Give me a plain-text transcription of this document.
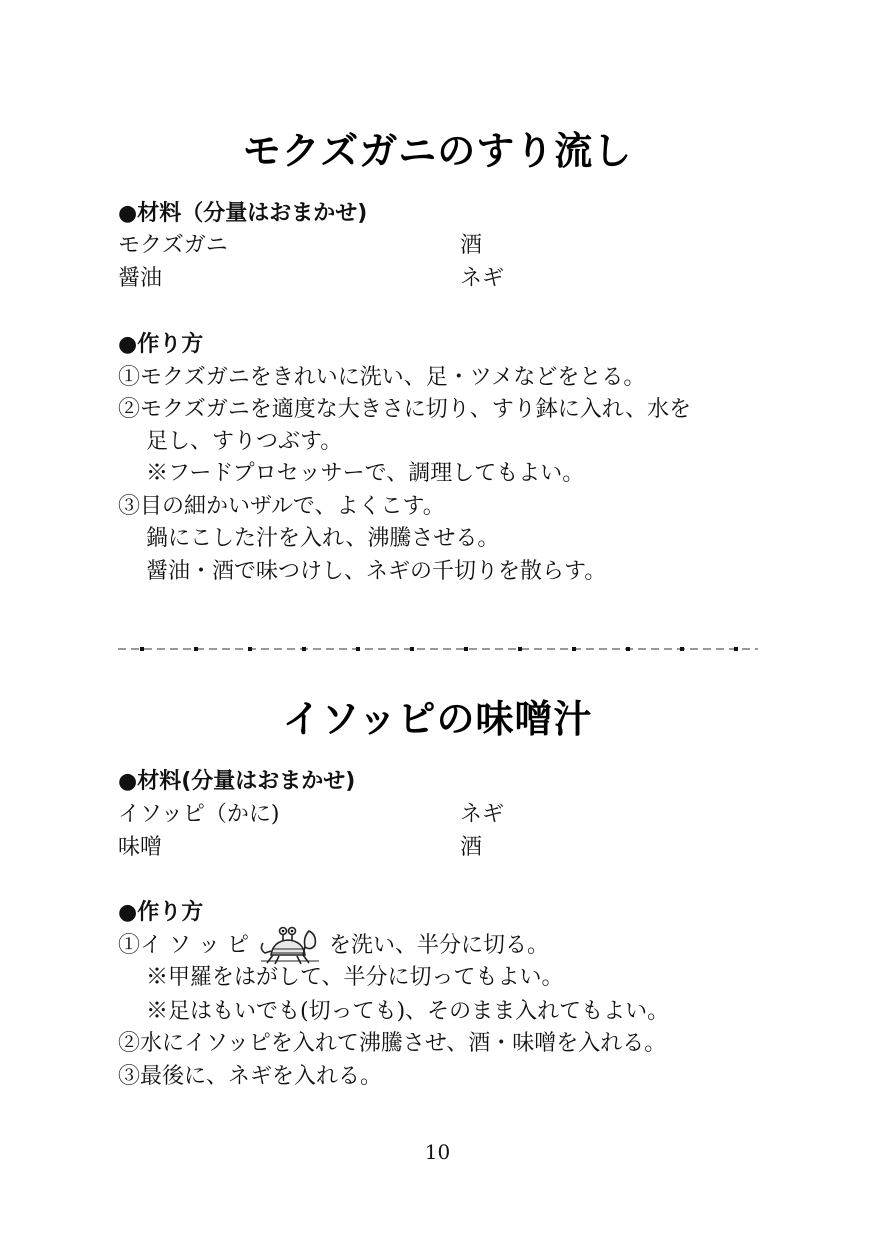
モクズガニのすり流し
●材料（分量はおまかせ)
モクズガニ	酒
醤油	ネギ
●作り方
①モクズガニをきれいに洗い、足・ツメなどをとる。
②モクズガニを適度な大きさに切り、すり鉢に入れ、水を
足し、すりつぶす。
※フードプロセッサーで、調理してもよい。
③目の細かいザルで、よくこす。
鍋にこした汁を入れ、沸騰させる。
醤油・酒で味つけし、ネギの千切りを散らす。
イソッピの味噌汁
●材料(分量はおまかせ)
イソッピ（かに)	ネギ
味噌	酒
●作り方
①イ ソ ッ ピ	を洗い、半分に切る。
※甲羅をはがして、半分に切ってもよい。
※足はもいでも(切っても)、そのまま入れてもよい。
②水にイソッピを入れて沸騰させ、酒・味噌を入れる。
③最後に、ネギを入れる。
10
